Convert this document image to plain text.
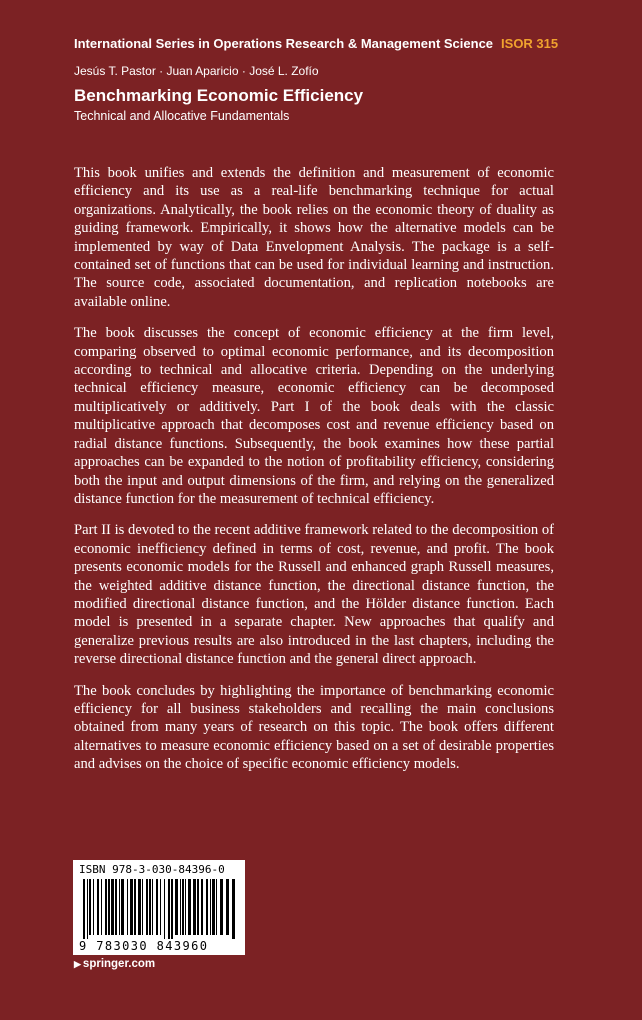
International Series in Operations Research & Management Science ISOR 315
Jesús T. Pastor · Juan Aparicio · José L. Zofío
Benchmarking Economic Efficiency
Technical and Allocative Fundamentals

This book unifies and extends the definition and measurement of economic efficiency and its use as a real-life benchmarking technique for actual organizations. Analytically, the book relies on the economic theory of duality as guiding framework. Empirically, it shows how the alternative models can be implemented by way of Data Envelopment Analysis. The package is a self-contained set of functions that can be used for individual learning and instruction. The source code, associated documentation, and replication notebooks are available online.

The book discusses the concept of economic efficiency at the firm level, comparing observed to optimal economic performance, and its decomposition according to technical and allocative criteria. Depending on the underlying technical efficiency measure, economic efficiency can be decomposed multiplicatively or additively. Part I of the book deals with the classic multiplicative approach that decomposes cost and revenue efficiency based on radial distance functions. Subsequently, the book examines how these partial approaches can be expanded to the notion of profitability efficiency, considering both the input and output dimensions of the firm, and relying on the generalized distance function for the measurement of technical efficiency.

Part II is devoted to the recent additive framework related to the decomposition of economic inefficiency defined in terms of cost, revenue, and profit. The book presents economic models for the Russell and enhanced graph Russell measures, the weighted additive distance function, the directional distance function, the modified directional distance function, and the Hölder distance function. Each model is presented in a separate chapter. New approaches that qualify and generalize previous results are also introduced in the last chapters, including the reverse directional distance function and the general direct approach.

The book concludes by highlighting the importance of benchmarking economic efficiency for all business stakeholders and recalling the main conclusions obtained from many years of research on this topic. The book offers different alternatives to measure economic efficiency based on a set of desirable properties and advises on the choice of specific economic efficiency models.

ISBN 978-3-030-84396-0
9 783030 843960
▶ springer.com
